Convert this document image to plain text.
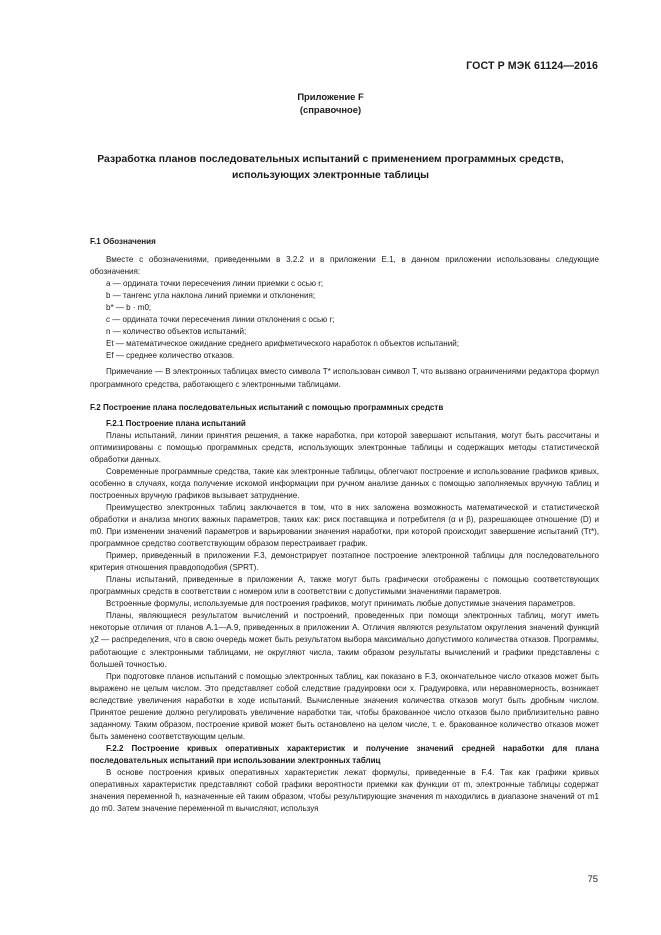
ГОСТ Р МЭК 61124—2016
Приложение F
(справочное)
Разработка планов последовательных испытаний с применением программных средств,
использующих электронные таблицы

F.1 Обозначения

Вместе с обозначениями, приведенными в 3.2.2 и в приложении Е.1, в данном приложении использованы следующие обозначения:

a — ордината точки пересечения линии приемки с осью r;
b — тангенс угла наклона линий приемки и отклонения;
b* — b · m0;
c — ордината точки пересечения линии отклонения с осью r;
n — количество объектов испытаний;
Et — математическое ожидание среднего арифметического наработок n объектов испытаний;
Ef — среднее количество отказов.

Примечание — В электронных таблицах вместо символа T* использован символ T, что вызвано ограничениями редактора формул программного средства, работающего с электронными таблицами.

F.2 Построение плана последовательных испытаний с помощью программных средств

F.2.1 Построение плана испытаний

Планы испытаний, линии принятия решения, а также наработка, при которой завершают испытания, могут быть рассчитаны и оптимизированы с помощью программных средств, использующих электронные таблицы и содержащих методы статистической обработки данных.

Современные программные средства, такие как электронные таблицы, облегчают построение и использование графиков кривых, особенно в случаях, когда получение искомой информации при ручном анализе данных с помощью заполняемых вручную таблиц и построенных вручную графиков вызывает затруднение.

Преимущество электронных таблиц заключается в том, что в них заложена возможность математической и статистической обработки и анализа многих важных параметров, таких как: риск поставщика и потребителя (α и β), разрешающее отношение (D) и m0. При изменении значений параметров и варьировании значения наработки, при которой происходит завершение испытаний (Tt*), программное средство соответствующим образом перестраивает график.

Пример, приведенный в приложении F.3, демонстрирует поэтапное построение электронной таблицы для последовательного критерия отношения правдоподобия (SPRT).

Планы испытаний, приведенные в приложении А, также могут быть графически отображены с помощью соответствующих программных средств в соответствии с номером или в соответствии с допустимыми значениями параметров.

Встроенные формулы, используемые для построения графиков, могут принимать любые допустимые значения параметров.

Планы, являющиеся результатом вычислений и построений, проведенных при помощи электронных таблиц, могут иметь некоторые отличия от планов А.1—А.9, приведенных в приложении А. Отличия являются результатом округления значений функций χ2 — распределения, что в свою очередь может быть результатом выбора максимально допустимого количества отказов. Программы, работающие с электронными таблицами, не округляют числа, таким образом результаты вычислений и графики представлены с большей точностью.

При подготовке планов испытаний с помощью электронных таблиц, как показано в F.3, окончательное число отказов может быть выражено не целым числом. Это представляет собой следствие градуировки оси x. Градуировка, или неравномерность, возникает вследствие увеличения наработки в ходе испытаний. Вычисленные значения количества отказов могут быть дробным числом. Принятое решение должно регулировать увеличение наработки так, чтобы бракованное число отказов было приблизительно равно заданному. Таким образом, построение кривой может быть остановлено на целом числе, т. е. бракованное количество отказов может быть заменено соответствующим целым.

F.2.2 Построение кривых оперативных характеристик и получение значений средней наработки для плана последовательных испытаний при использовании электронных таблиц

В основе построения кривых оперативных характеристик лежат формулы, приведенные в F.4. Так как графики кривых оперативных характеристик представляют собой графики вероятности приемки как функции от m, электронные таблицы содержат значения переменной h, назначенные ей таким образом, чтобы результирующие значения m находились в диапазоне значений от m1 до m0. Затем значение переменной m вычисляют, используя

75
